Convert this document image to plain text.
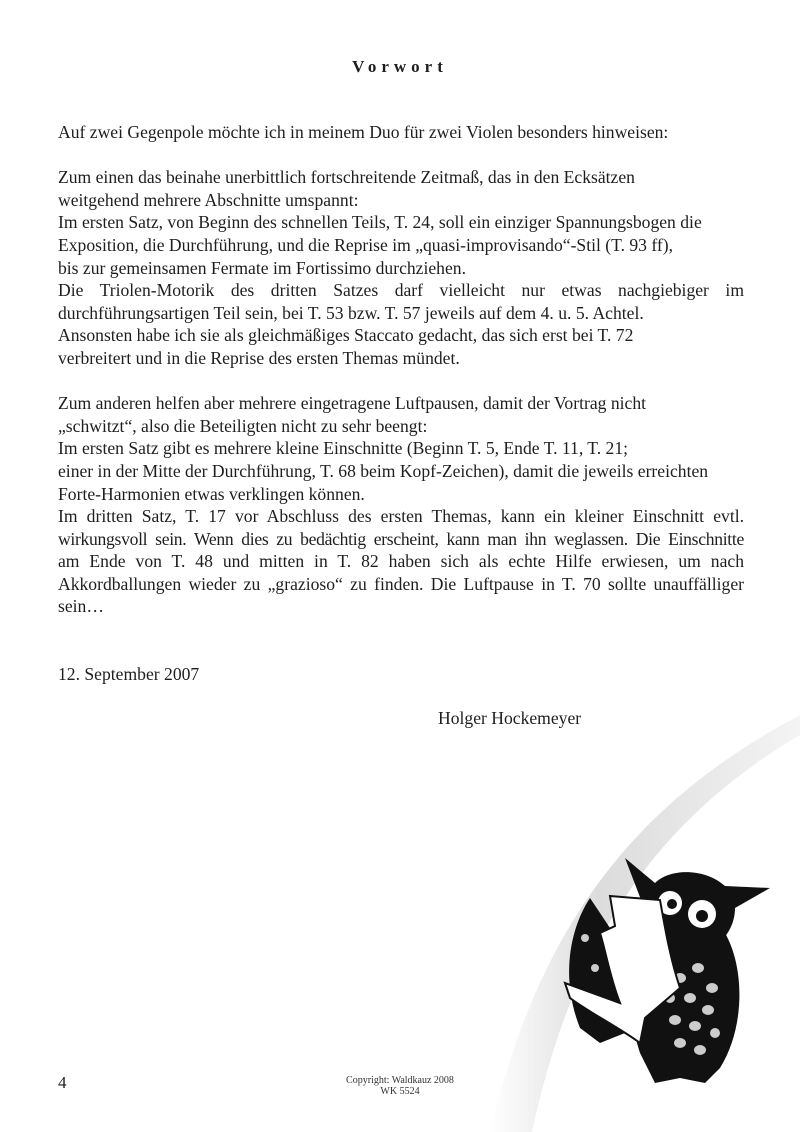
Vorwort

Auf zwei Gegenpole möchte ich in meinem Duo für zwei Violen besonders hinweisen:

Zum einen das beinahe unerbittlich fortschreitende Zeitmaß, das in den Ecksätzen
weitgehend mehrere Abschnitte umspannt:
Im ersten Satz, von Beginn des schnellen Teils, T. 24, soll ein einziger Spannungsbogen die
Exposition, die Durchführung, und die Reprise im „quasi-improvisando“-Stil (T. 93 ff),
bis zur gemeinsamen Fermate im Fortissimo durchziehen.
Die Triolen-Motorik des dritten Satzes darf vielleicht nur etwas nachgiebiger im
durchführungsartigen Teil sein, bei T. 53 bzw. T. 57 jeweils auf dem 4. u. 5. Achtel.
Ansonsten habe ich sie als gleichmäßiges Staccato gedacht, das sich erst bei T. 72
verbreitert und in die Reprise des ersten Themas mündet.

Zum anderen helfen aber mehrere eingetragene Luftpausen, damit der Vortrag nicht
„schwitzt“, also die Beteiligten nicht zu sehr beengt:
Im ersten Satz gibt es mehrere kleine Einschnitte (Beginn T. 5, Ende T. 11, T. 21;
einer in der Mitte der Durchführung, T. 68 beim Kopf-Zeichen), damit die jeweils erreichten
Forte-Harmonien etwas verklingen können.
Im dritten Satz, T. 17 vor Abschluss des ersten Themas, kann ein kleiner Einschnitt evtl.
wirkungsvoll sein. Wenn dies zu bedächtig erscheint, kann man ihn weglassen. Die Einschnitte
am Ende von T. 48 und mitten in T. 82 haben sich als echte Hilfe erwiesen, um nach
Akkordballungen wieder zu „grazioso“ zu finden. Die Luftpause in T. 70 sollte unauffälliger
sein…

12. September 2007
Holger Hockemeyer
4	Copyright: Waldkauz 2008
WK 5524
